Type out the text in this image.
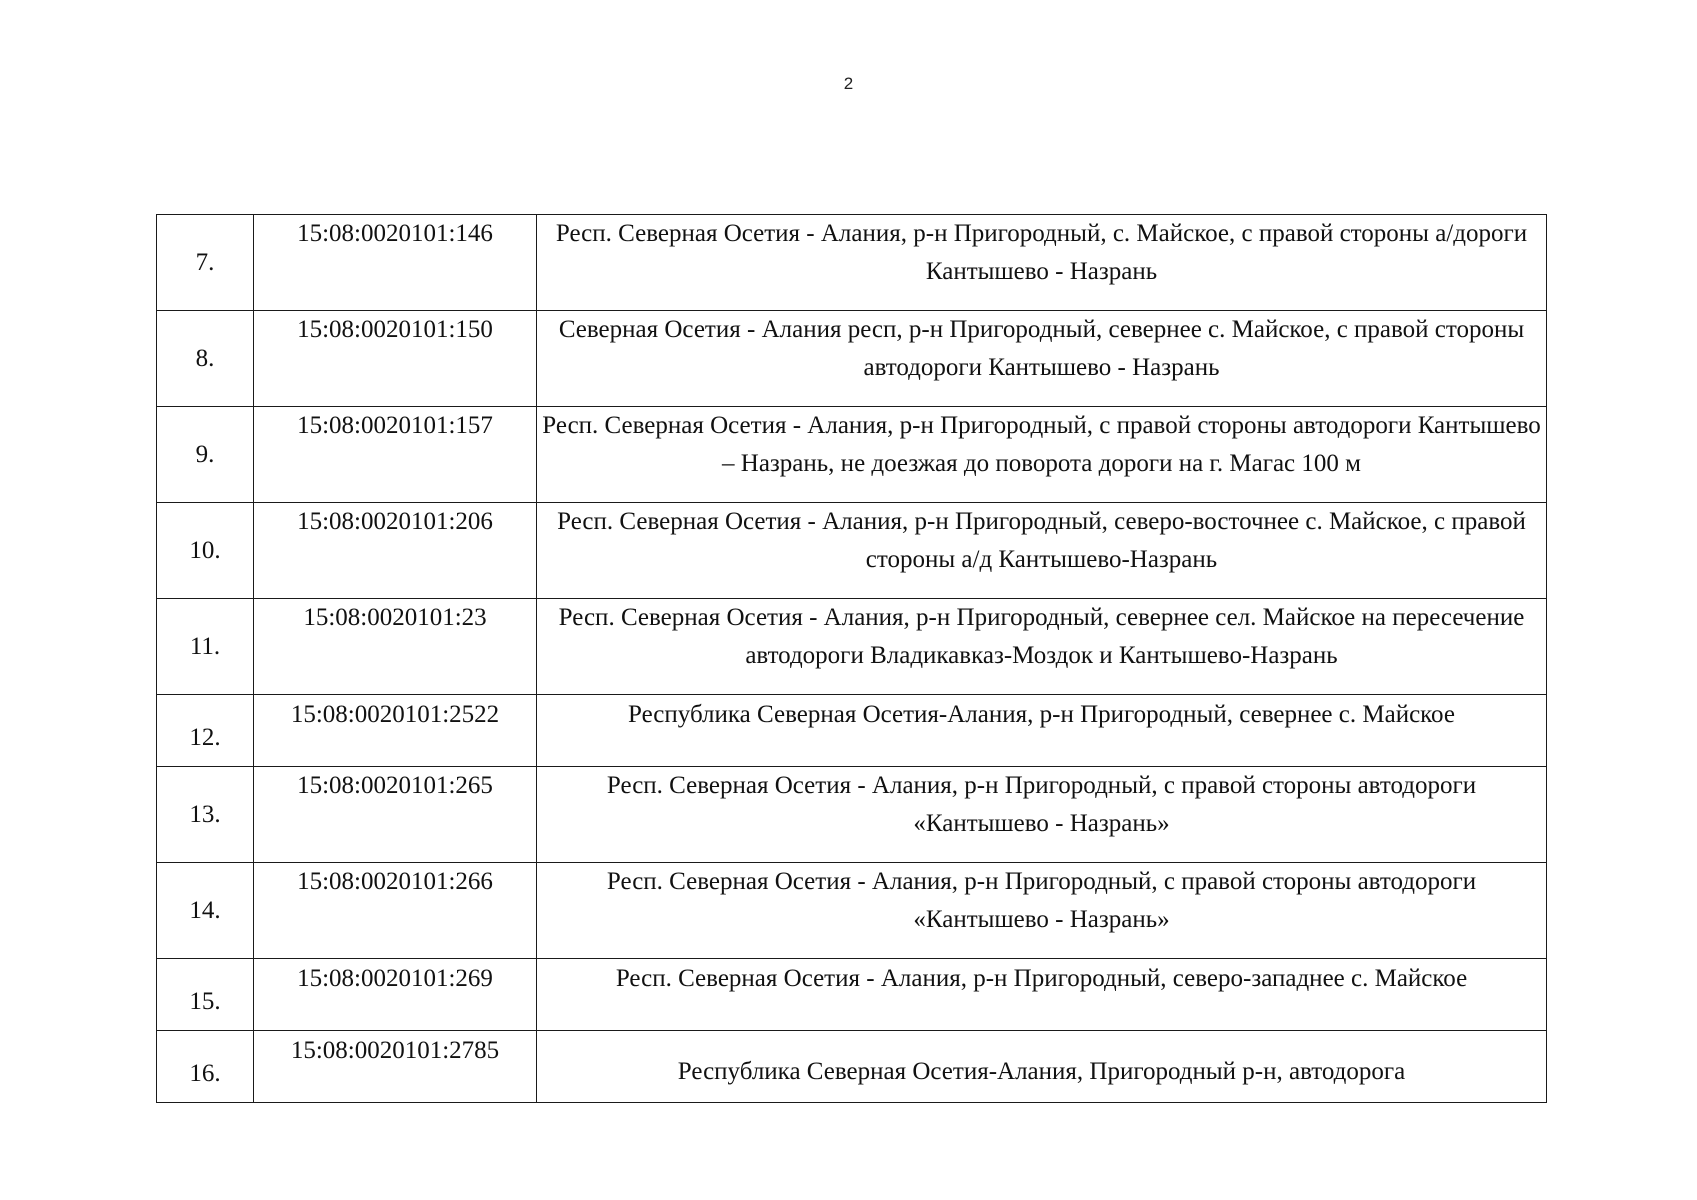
2
7.	15:08:0020101:146	Респ. Северная Осетия - Алания, р-н Пригородный, с. Майское, с правой стороны а/дороги Кантышево - Назрань
8.	15:08:0020101:150	Северная Осетия - Алания респ, р-н Пригородный, севернее с. Майское, с правой стороны автодороги Кантышево - Назрань
9.	15:08:0020101:157	Респ. Северная Осетия - Алания, р-н Пригородный, с правой стороны автодороги Кантышево – Назрань, не доезжая до поворота дороги на г. Магас 100 м
10.	15:08:0020101:206	Респ. Северная Осетия - Алания, р-н Пригородный, северо-восточнее с. Майское, с правой стороны а/д Кантышево-Назрань
11.	15:08:0020101:23	Респ. Северная Осетия - Алания, р-н Пригородный, севернее сел. Майское на пересечение автодороги Владикавказ-Моздок и Кантышево-Назрань
12.	15:08:0020101:2522	Республика Северная Осетия-Алания, р-н Пригородный, севернее с. Майское
13.	15:08:0020101:265	Респ. Северная Осетия - Алания, р-н Пригородный, с правой стороны автодороги «Кантышево - Назрань»
14.	15:08:0020101:266	Респ. Северная Осетия - Алания, р-н Пригородный, с правой стороны автодороги «Кантышево - Назрань»
15.	15:08:0020101:269	Респ. Северная Осетия - Алания, р-н Пригородный, северо-западнее с. Майское
16.	15:08:0020101:2785	Республика Северная Осетия-Алания, Пригородный р-н, автодорога
